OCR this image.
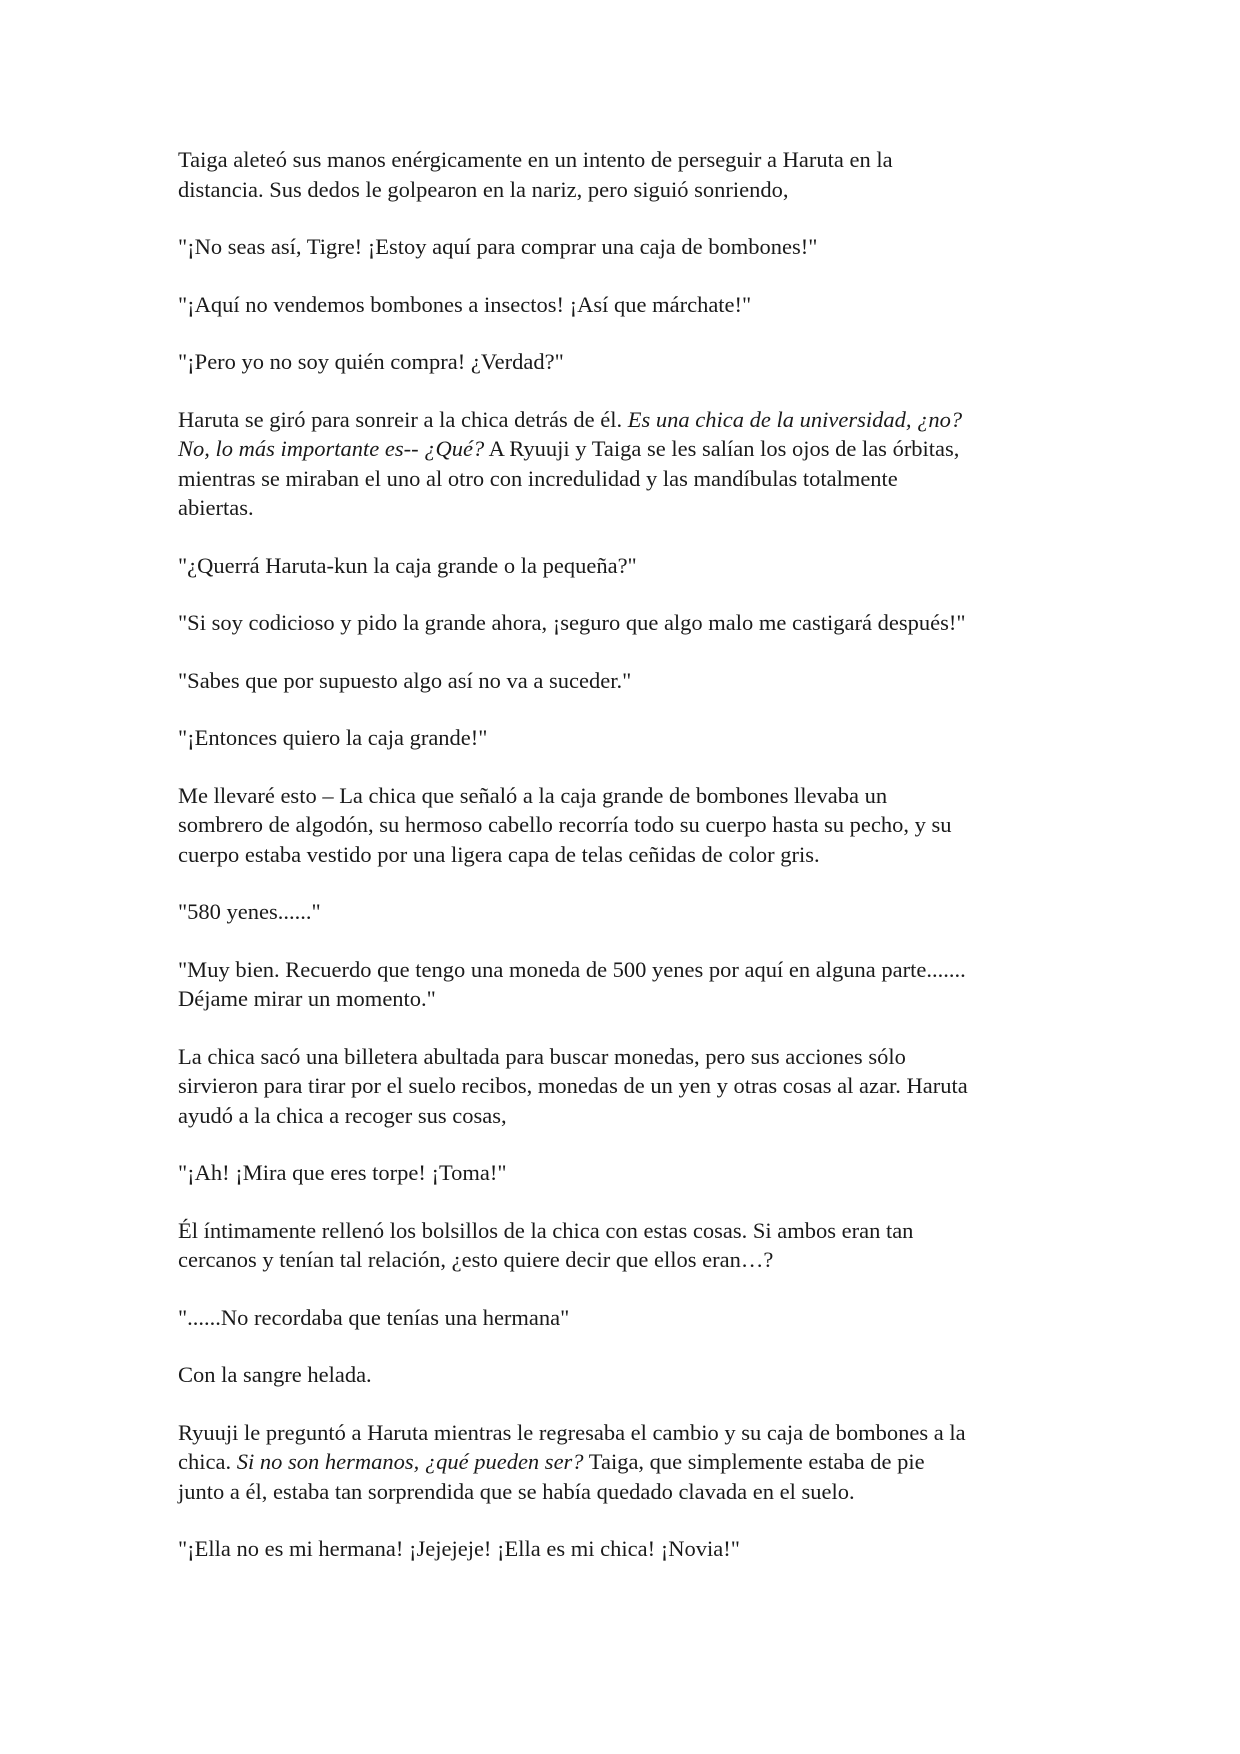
Taiga aleteó sus manos enérgicamente en un intento de perseguir a Haruta en la
distancia. Sus dedos le golpearon en la nariz, pero siguió sonriendo,

"¡No seas así, Tigre! ¡Estoy aquí para comprar una caja de bombones!"

"¡Aquí no vendemos bombones a insectos! ¡Así que márchate!"

"¡Pero yo no soy quién compra! ¿Verdad?"

Haruta se giró para sonreir a la chica detrás de él. Es una chica de la universidad, ¿no?
No, lo más importante es-- ¿Qué? A Ryuuji y Taiga se les salían los ojos de las órbitas,
mientras se miraban el uno al otro con incredulidad y las mandíbulas totalmente
abiertas.

"¿Querrá Haruta-kun la caja grande o la pequeña?"

"Si soy codicioso y pido la grande ahora, ¡seguro que algo malo me castigará después!"

"Sabes que por supuesto algo así no va a suceder."

"¡Entonces quiero la caja grande!"

Me llevaré esto – La chica que señaló a la caja grande de bombones llevaba un
sombrero de algodón, su hermoso cabello recorría todo su cuerpo hasta su pecho, y su
cuerpo estaba vestido por una ligera capa de telas ceñidas de color gris.

"580 yenes......"

"Muy bien. Recuerdo que tengo una moneda de 500 yenes por aquí en alguna parte.......
Déjame mirar un momento."

La chica sacó una billetera abultada para buscar monedas, pero sus acciones sólo
sirvieron para tirar por el suelo recibos, monedas de un yen y otras cosas al azar. Haruta
ayudó a la chica a recoger sus cosas,

"¡Ah! ¡Mira que eres torpe! ¡Toma!"

Él íntimamente rellenó los bolsillos de la chica con estas cosas. Si ambos eran tan
cercanos y tenían tal relación, ¿esto quiere decir que ellos eran…?

"......No recordaba que tenías una hermana"

Con la sangre helada.

Ryuuji le preguntó a Haruta mientras le regresaba el cambio y su caja de bombones a la
chica. Si no son hermanos, ¿qué pueden ser? Taiga, que simplemente estaba de pie
junto a él, estaba tan sorprendida que se había quedado clavada en el suelo.

"¡Ella no es mi hermana! ¡Jejejeje! ¡Ella es mi chica! ¡Novia!"
